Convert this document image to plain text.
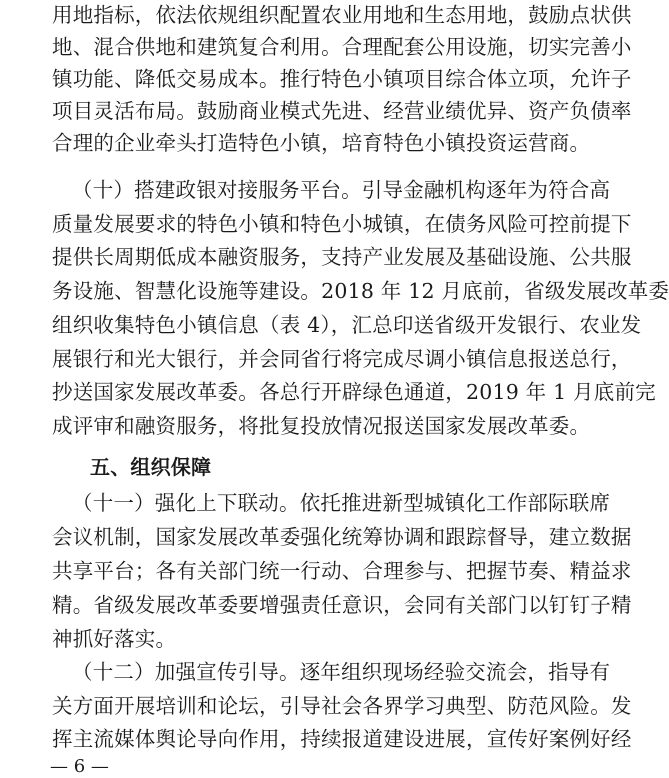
用地指标，依法依规组织配置农业用地和生态用地，鼓励点状供
地、混合供地和建筑复合利用。合理配套公用设施，切实完善小
镇功能、降低交易成本。推行特色小镇项目综合体立项，允许子
项目灵活布局。鼓励商业模式先进、经营业绩优异、资产负债率
合理的企业牵头打造特色小镇，培育特色小镇投资运营商。
（十）搭建政银对接服务平台。引导金融机构逐年为符合高
质量发展要求的特色小镇和特色小城镇，在债务风险可控前提下
提供长周期低成本融资服务，支持产业发展及基础设施、公共服
务设施、智慧化设施等建设。2018 年 12 月底前，省级发展改革委
组织收集特色小镇信息（表 4），汇总印送省级开发银行、农业发
展银行和光大银行，并会同省行将完成尽调小镇信息报送总行，
抄送国家发展改革委。各总行开辟绿色通道，2019 年 1 月底前完
成评审和融资服务，将批复投放情况报送国家发展改革委。
五、组织保障
（十一）强化上下联动。依托推进新型城镇化工作部际联席
会议机制，国家发展改革委强化统筹协调和跟踪督导，建立数据
共享平台；各有关部门统一行动、合理参与、把握节奏、精益求
精。省级发展改革委要增强责任意识，会同有关部门以钉钉子精
神抓好落实。
（十二）加强宣传引导。逐年组织现场经验交流会，指导有
关方面开展培训和论坛，引导社会各界学习典型、防范风险。发
挥主流媒体舆论导向作用，持续报道建设进展，宣传好案例好经
— 6 —
